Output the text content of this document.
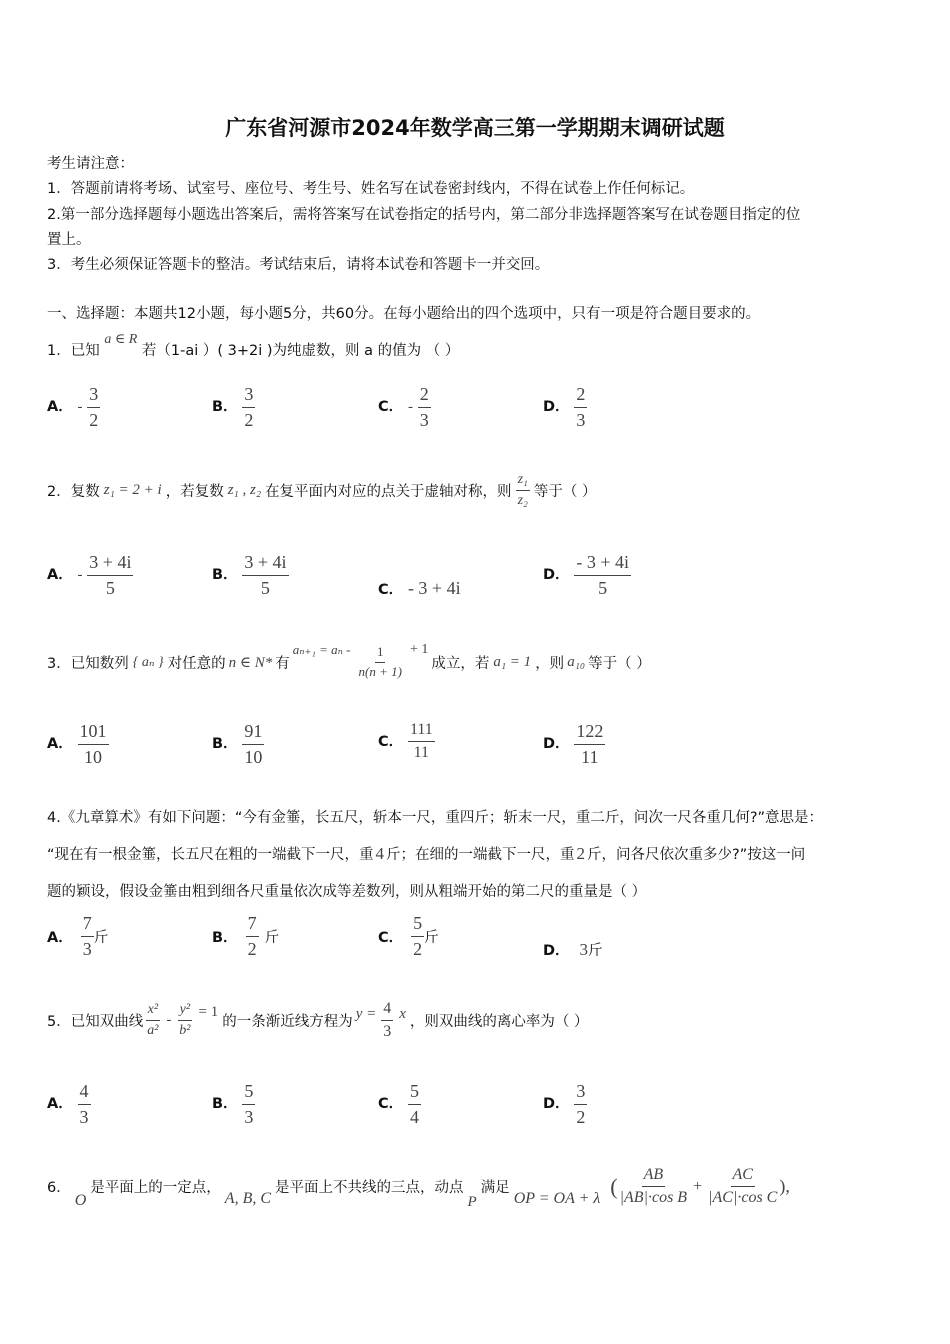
广东省河源市2024年数学高三第一学期期末调研试题
考生请注意：
1．答题前请将考场、试室号、座位号、考生号、姓名写在试卷密封线内，不得在试卷上作任何标记。
2.第一部分选择题每小题选出答案后，需将答案写在试卷指定的括号内，第二部分非选择题答案写在试卷题目指定的位
置上。
3．考生必须保证答题卡的整洁。考试结束后，请将本试卷和答题卡一并交回。
一、选择题：本题共12小题，每小题5分，共60分。在每小题给出的四个选项中，只有一项是符合题目要求的。
1．已知 a ∈ R 若（1-ai ）( 3+2i )为纯虚数，则 a 的值为 （ ）
A． - $\frac{3}{2}$	B． $\frac{3}{2}$	C． - $\frac{2}{3}$	D． $\frac{2}{3}$
2．复数 z₁ = 2 + i ，若复数 z₁ , z₂ 在复平面内对应的点关于虚轴对称，则 $\frac{\text{z₁}}{\text{z₂}}$ 等于（ ）
A． - $\frac{3 + 4i}{5}$	B． $\frac{3 + 4i}{5}$	C． - 3 + 4i
D． $\frac{- 3 + 4i}{5}$
3．已知数列 { aₙ } 对任意的 n ∈ N* 有
$a_{n+1} = a_n - \frac{1}{n(n + 1)} + 1$
成立，若 a₁ = 1 ，则 a₁₀ 等于（ ）
A． $\frac{101}{10}$	B． $\frac{91}{10}$	C． $\frac{111}{11}$	D． $\frac{122}{11}$
4.《九章算术》有如下问题：“今有金箠，长五尺，斩本一尺，重四斤；斩末一尺，重二斤，问次一尺各重几何?”意思是：
“现在有一根金箠，长五尺在粗的一端截下一尺，重 4 斤；在细的一端截下一尺，重 2 斤，问各尺依次重多少?”按这一问
题的颖设，假设金箠由粗到细各尺重量依次成等差数列，则从粗端开始的第二尺的重量是（ ）
A． $\frac{7}{3}$ 斤	B． $\frac{7}{2}$ 斤	C． $\frac{5}{2}$ 斤
D． 3 斤
5．已知双曲线 $\frac{\text{x²}}{\text{a²}} - \frac{\text{y²}}{\text{b²}} = 1$
的一条渐近线方程为 $y = \frac{4}{3}$ x ，则双曲线的离心率为（ ）
A． $\frac{4}{3}$	B． $\frac{5}{3}$	C． $\frac{5}{4}$	D． $\frac{3}{2}$
6．
O
是平面上的一定点，
A, B, C
是平面上不共线的三点，动点
P
满足
OP = OA + λ ( $\frac{AB}{\text{|AB|·cos B}} + \frac{AC}{\text{|AC|·cos C}}$ ),
